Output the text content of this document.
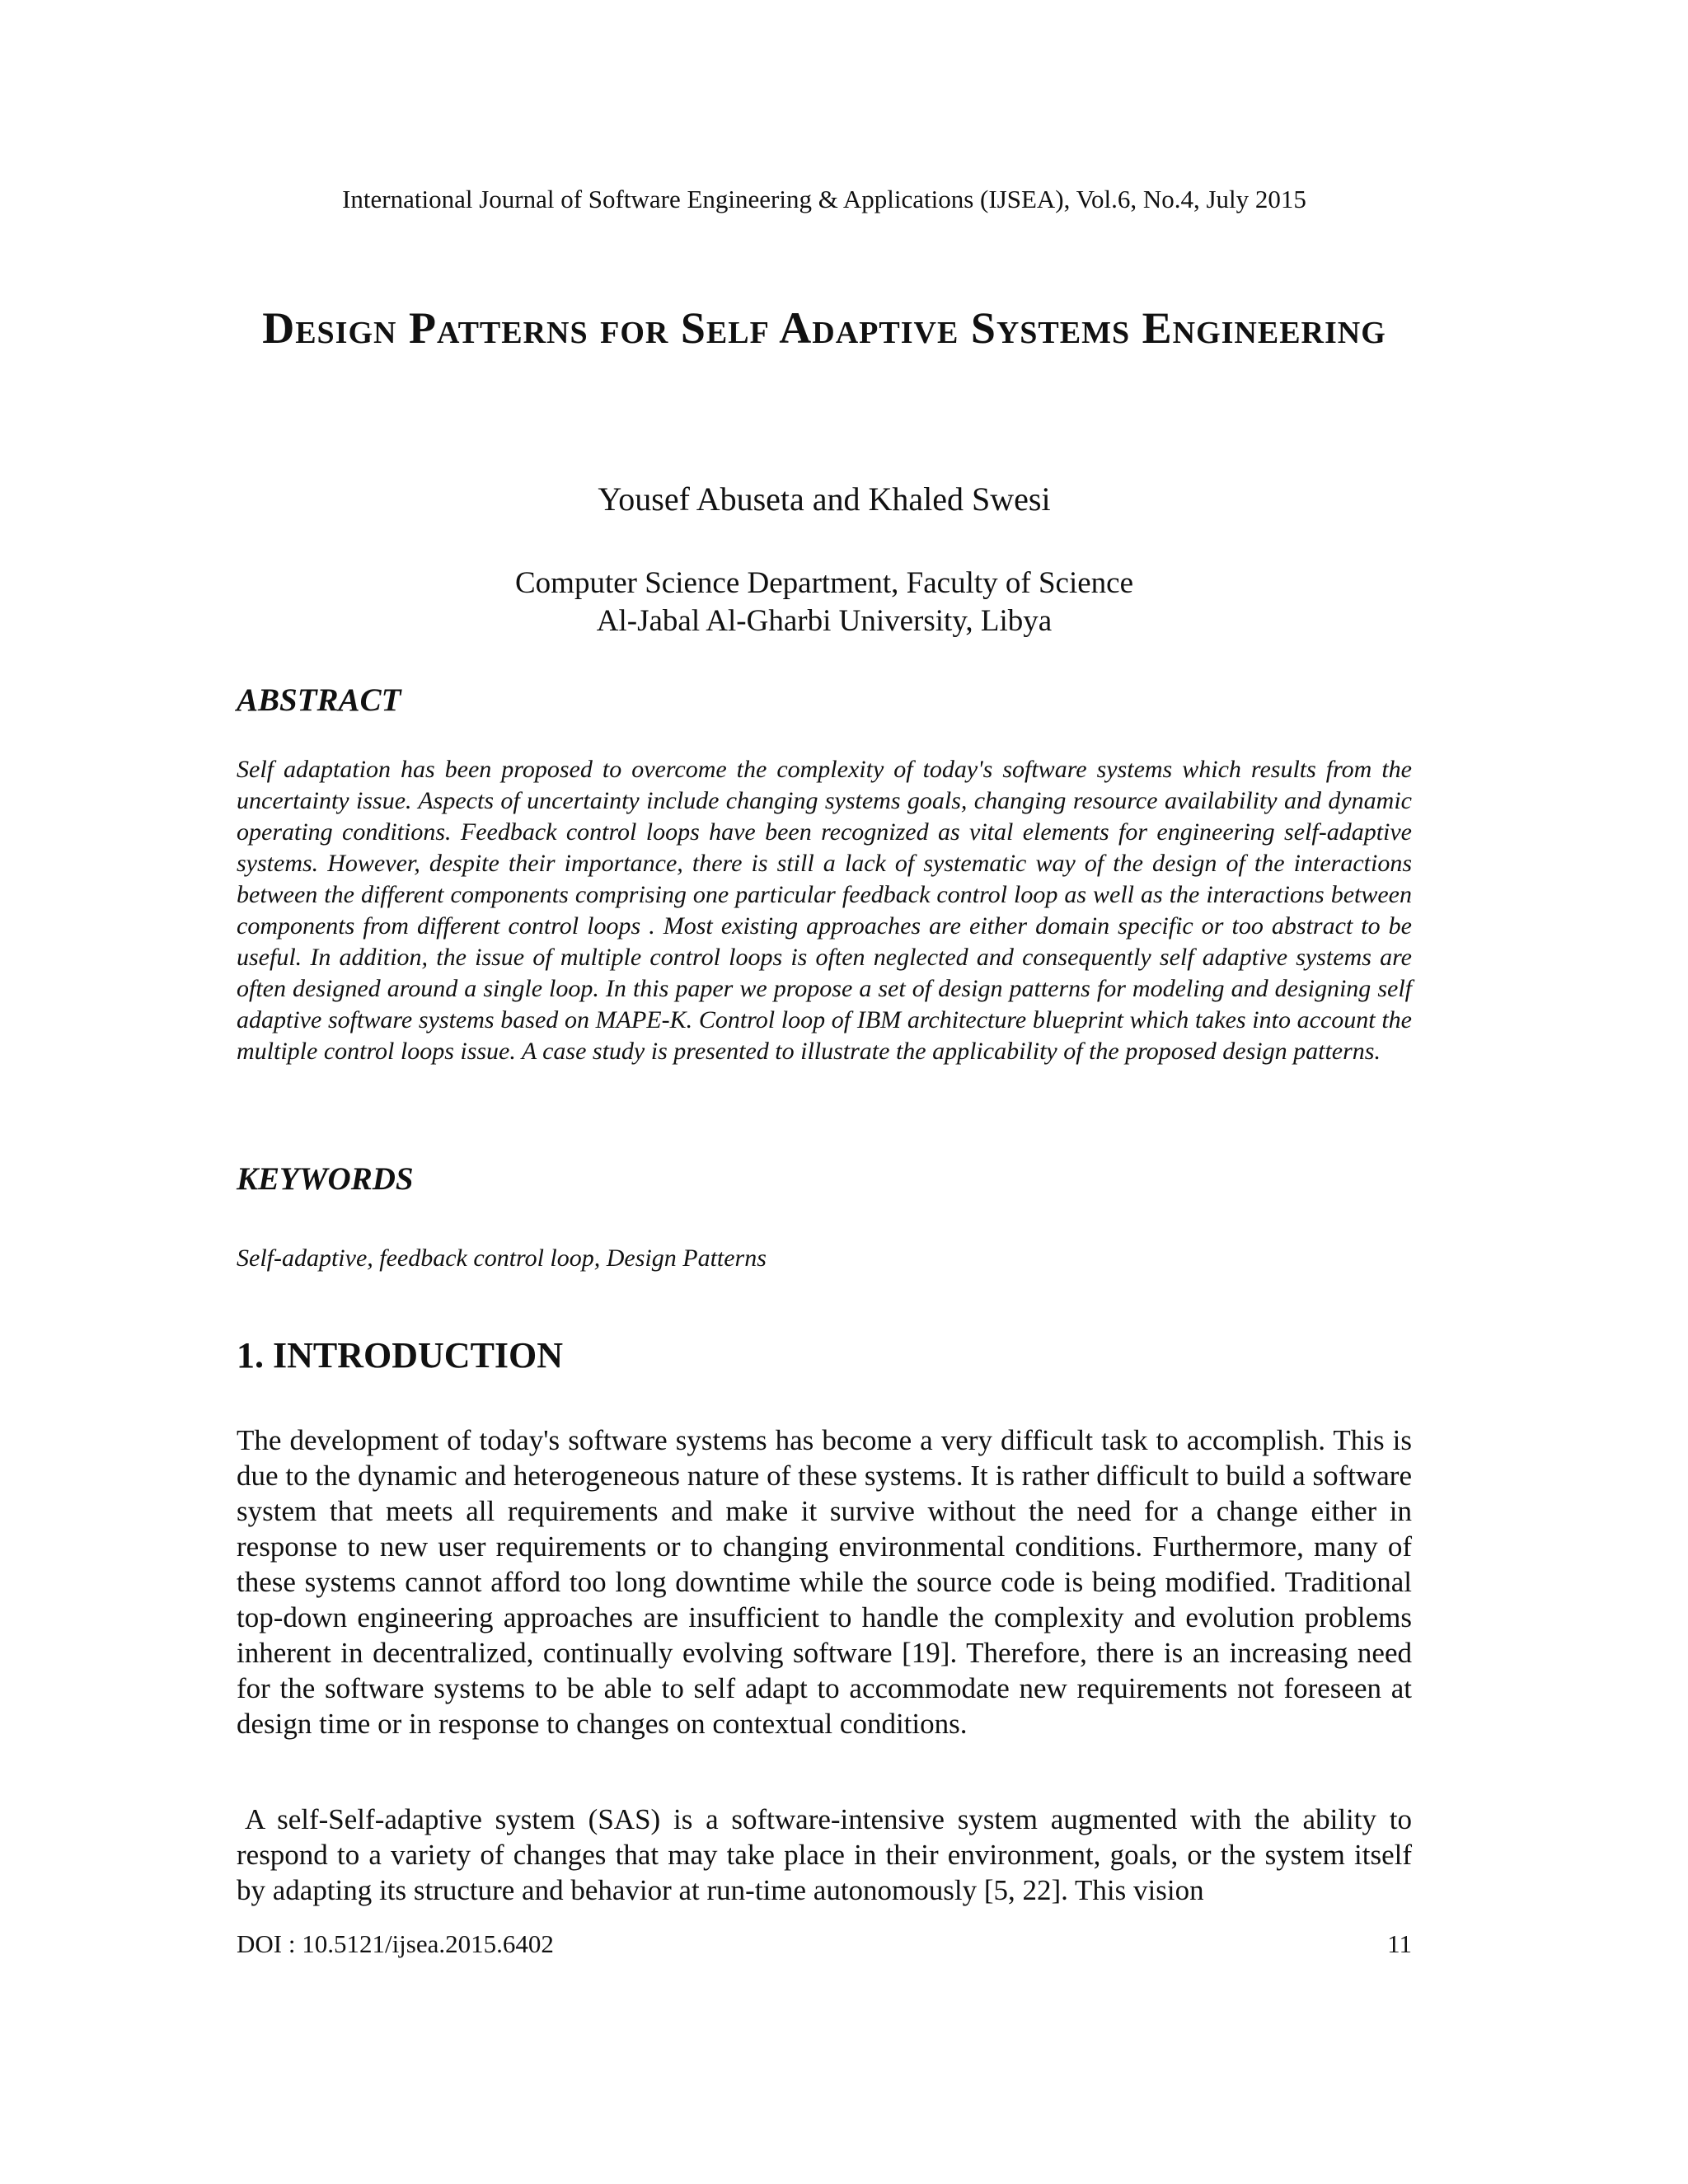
International Journal of Software Engineering & Applications (IJSEA), Vol.6, No.4, July 2015
Design Patterns for Self Adaptive Systems Engineering
Yousef Abuseta and Khaled Swesi
Computer Science Department, Faculty of Science
Al-Jabal Al-Gharbi University, Libya
ABSTRACT
Self adaptation has been proposed to overcome the complexity of today's software systems which results from the uncertainty issue. Aspects of uncertainty include changing systems goals, changing resource availability and dynamic operating conditions. Feedback control loops have been recognized as vital elements for engineering self-adaptive systems. However, despite their importance, there is still a lack of systematic way of the design of the interactions between the different components comprising one particular feedback control loop as well as the interactions between components from different control loops . Most existing approaches are either domain specific or too abstract to be useful. In addition, the issue of multiple control loops is often neglected and consequently self adaptive systems are often designed around a single loop. In this paper we propose a set of design patterns for modeling and designing self adaptive software systems based on MAPE-K. Control loop of IBM architecture blueprint which takes into account the multiple control loops issue. A case study is presented to illustrate the applicability of the proposed design patterns.
KEYWORDS
Self-adaptive, feedback control loop, Design Patterns
1. INTRODUCTION
The development of today's software systems has become a very difficult task to accomplish. This is due to the dynamic and heterogeneous nature of these systems. It is rather difficult to build a software system that meets all requirements and make it survive without the need for a change either in response to new user requirements or to changing environmental conditions. Furthermore, many of these systems cannot afford too long downtime while the source code is being modified. Traditional top-down engineering approaches are insufficient to handle the complexity and evolution problems inherent in decentralized, continually evolving software [19]. Therefore, there is an increasing need for the software systems to be able to self adapt to accommodate new requirements not foreseen at design time or in response to changes on contextual conditions.
A self-Self-adaptive system (SAS) is a software-intensive system augmented with the ability to respond to a variety of changes that may take place in their environment, goals, or the system itself by adapting its structure and behavior at run-time autonomously [5, 22]. This vision
DOI : 10.5121/ijsea.2015.6402	11
